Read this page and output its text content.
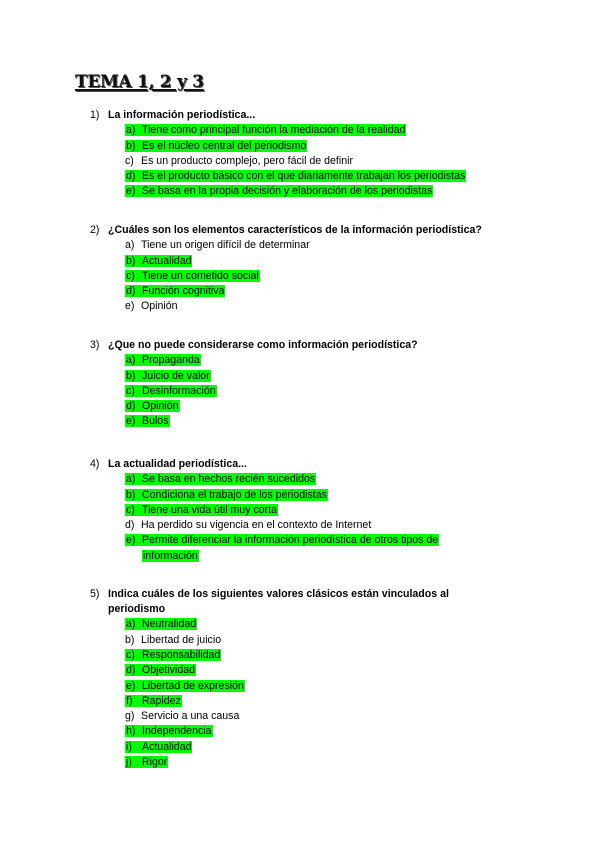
TEMA 1, 2 y 3
1) La información periodística...
a) Tiene como principal función la mediación de la realidad
b) Es el núcleo central del periodismo
c) Es un producto complejo, pero fácil de definir
d) Es el producto básico con el que diariamente trabajan los periodistas
e) Se basa en la propia decisión y elaboración de los periodistas
2) ¿Cuáles son los elementos característicos de la información periodística?
a) Tiene un origen difícil de determinar
b) Actualidad
c) Tiene un cometido social
d) Función cognitiva
e) Opinión
3) ¿Que no puede considerarse como información periodística?
a) Propaganda
b) Juicio de valor
c) Desinformación
d) Opinión
e) Bulos
4) La actualidad periodística...
a) Se basa en hechos recién sucedidos
b) Condiciona el trabajo de los periodistas
c) Tiene una vida útil muy corta
d) Ha perdido su vigencia en el contexto de Internet
e) Permite diferenciar la información periodística de otros tipos de
información
5) Indica cuáles de los siguientes valores clásicos están vinculados al periodismo
a) Neutralidad
b) Libertad de juicio
c) Responsabilidad
d) Objetividad
e) Libertad de expresión
f) Rapidez
g) Servicio a una causa
h) Independencia
i) Actualidad
j) Rigor
